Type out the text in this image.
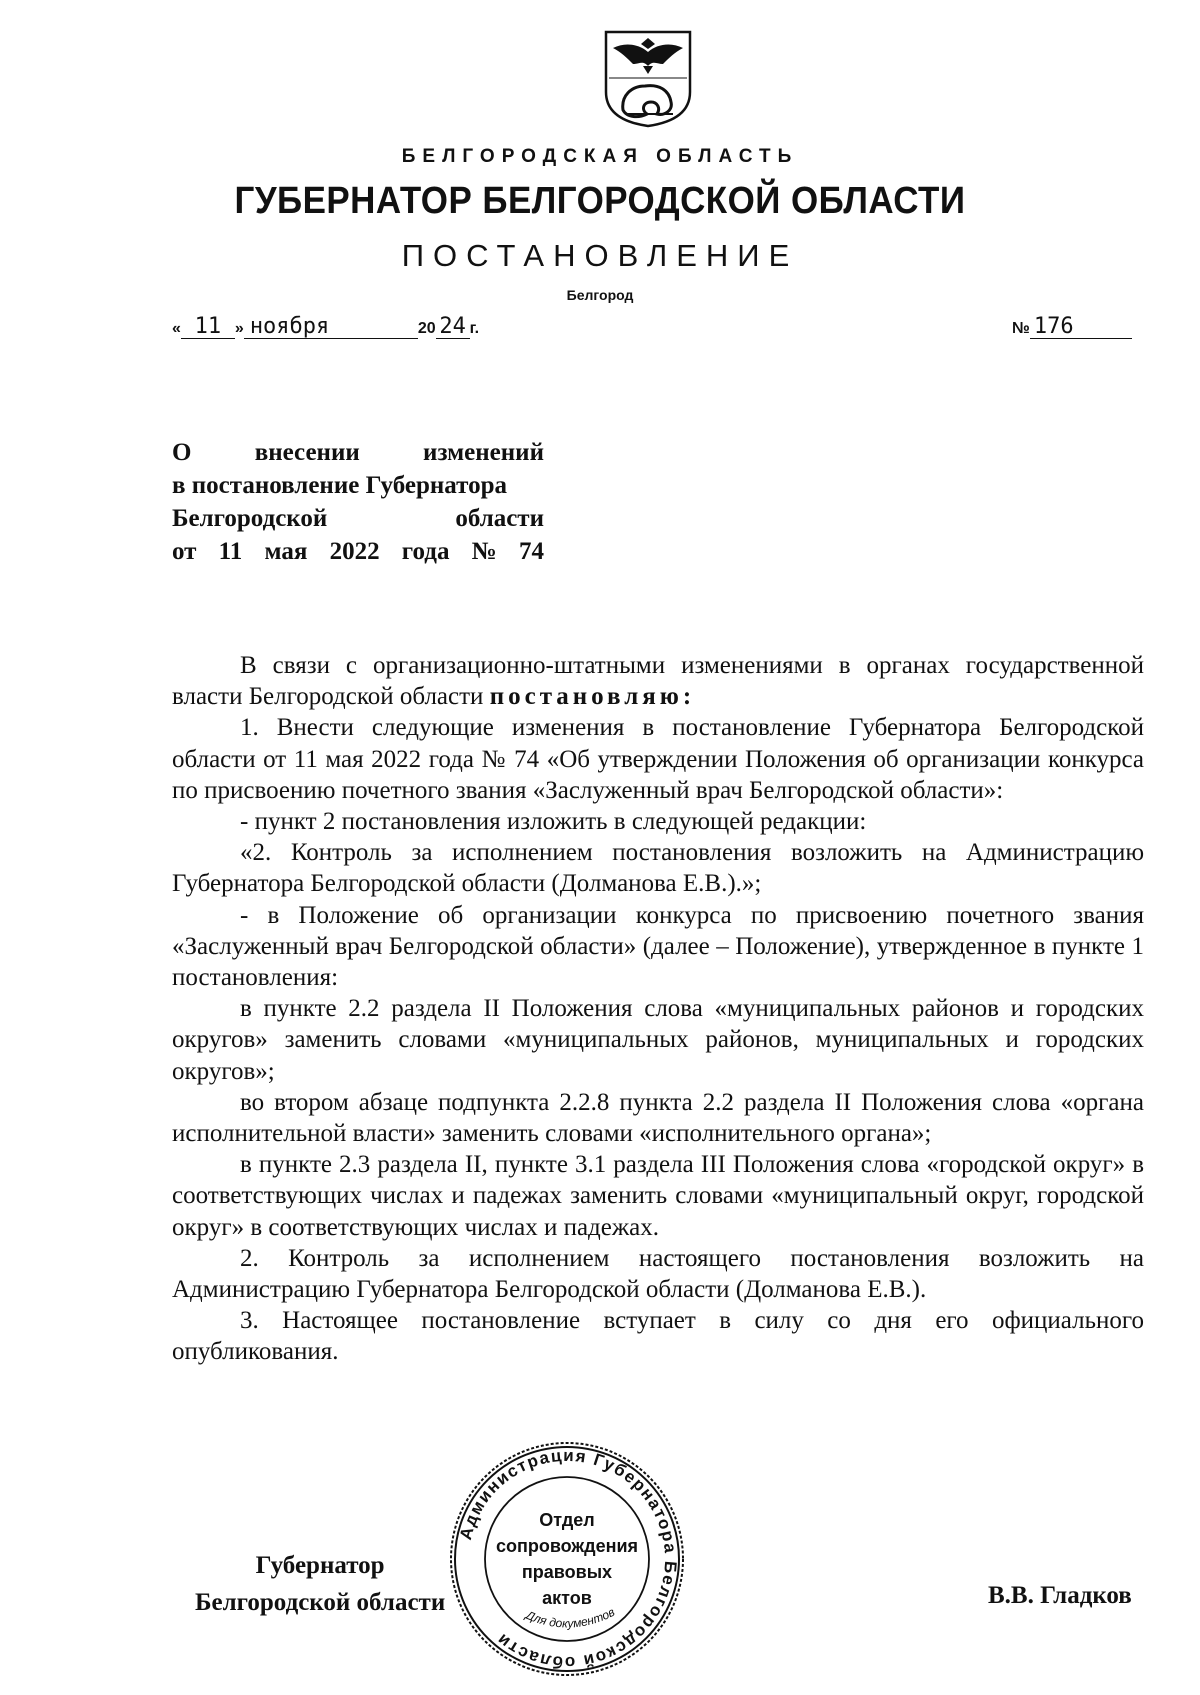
БЕЛГОРОДСКАЯ ОБЛАСТЬ
ГУБЕРНАТОР БЕЛГОРОДСКОЙ ОБЛАСТИ
ПОСТАНОВЛЕНИЕ
Белгород
« 11 » ноября	20 24 г.	№ 176
О	внесении	изменений
в постановление Губернатора
Белгородской	области
от 11 мая 2022 года № 74

В связи с организационно-штатными изменениями в органах государственной власти Белгородской области постановляю:

1. Внести следующие изменения в постановление Губернатора Белгородской области от 11 мая 2022 года № 74 «Об утверждении Положения об организации конкурса по присвоению почетного звания «Заслуженный врач Белгородской области»:

- пункт 2 постановления изложить в следующей редакции:

«2. Контроль за исполнением постановления возложить на Администрацию Губернатора Белгородской области (Долманова Е.В.).»;

- в Положение об организации конкурса по присвоению почетного звания «Заслуженный врач Белгородской области» (далее – Положение), утвержденное в пункте 1 постановления:

в пункте 2.2 раздела II Положения слова «муниципальных районов и городских округов» заменить словами «муниципальных районов, муниципальных и городских округов»;

во втором абзаце подпункта 2.2.8 пункта 2.2 раздела II Положения слова «органа исполнительной власти» заменить словами «исполнительного органа»;

в пункте 2.3 раздела II, пункте 3.1 раздела III Положения слова «городской округ» в соответствующих числах и падежах заменить словами «муниципальный округ, городской округ» в соответствующих числах и падежах.

2. Контроль за исполнением настоящего постановления возложить на Администрацию Губернатора Белгородской области (Долманова Е.В.).

3. Настоящее постановление вступает в силу со дня его официального опубликования.

Губернатор
Белгородской области	В.В. Гладков
Администрация Губернатора Белгородской области
Для документов
Отдел
сопровождения
правовых
актов
